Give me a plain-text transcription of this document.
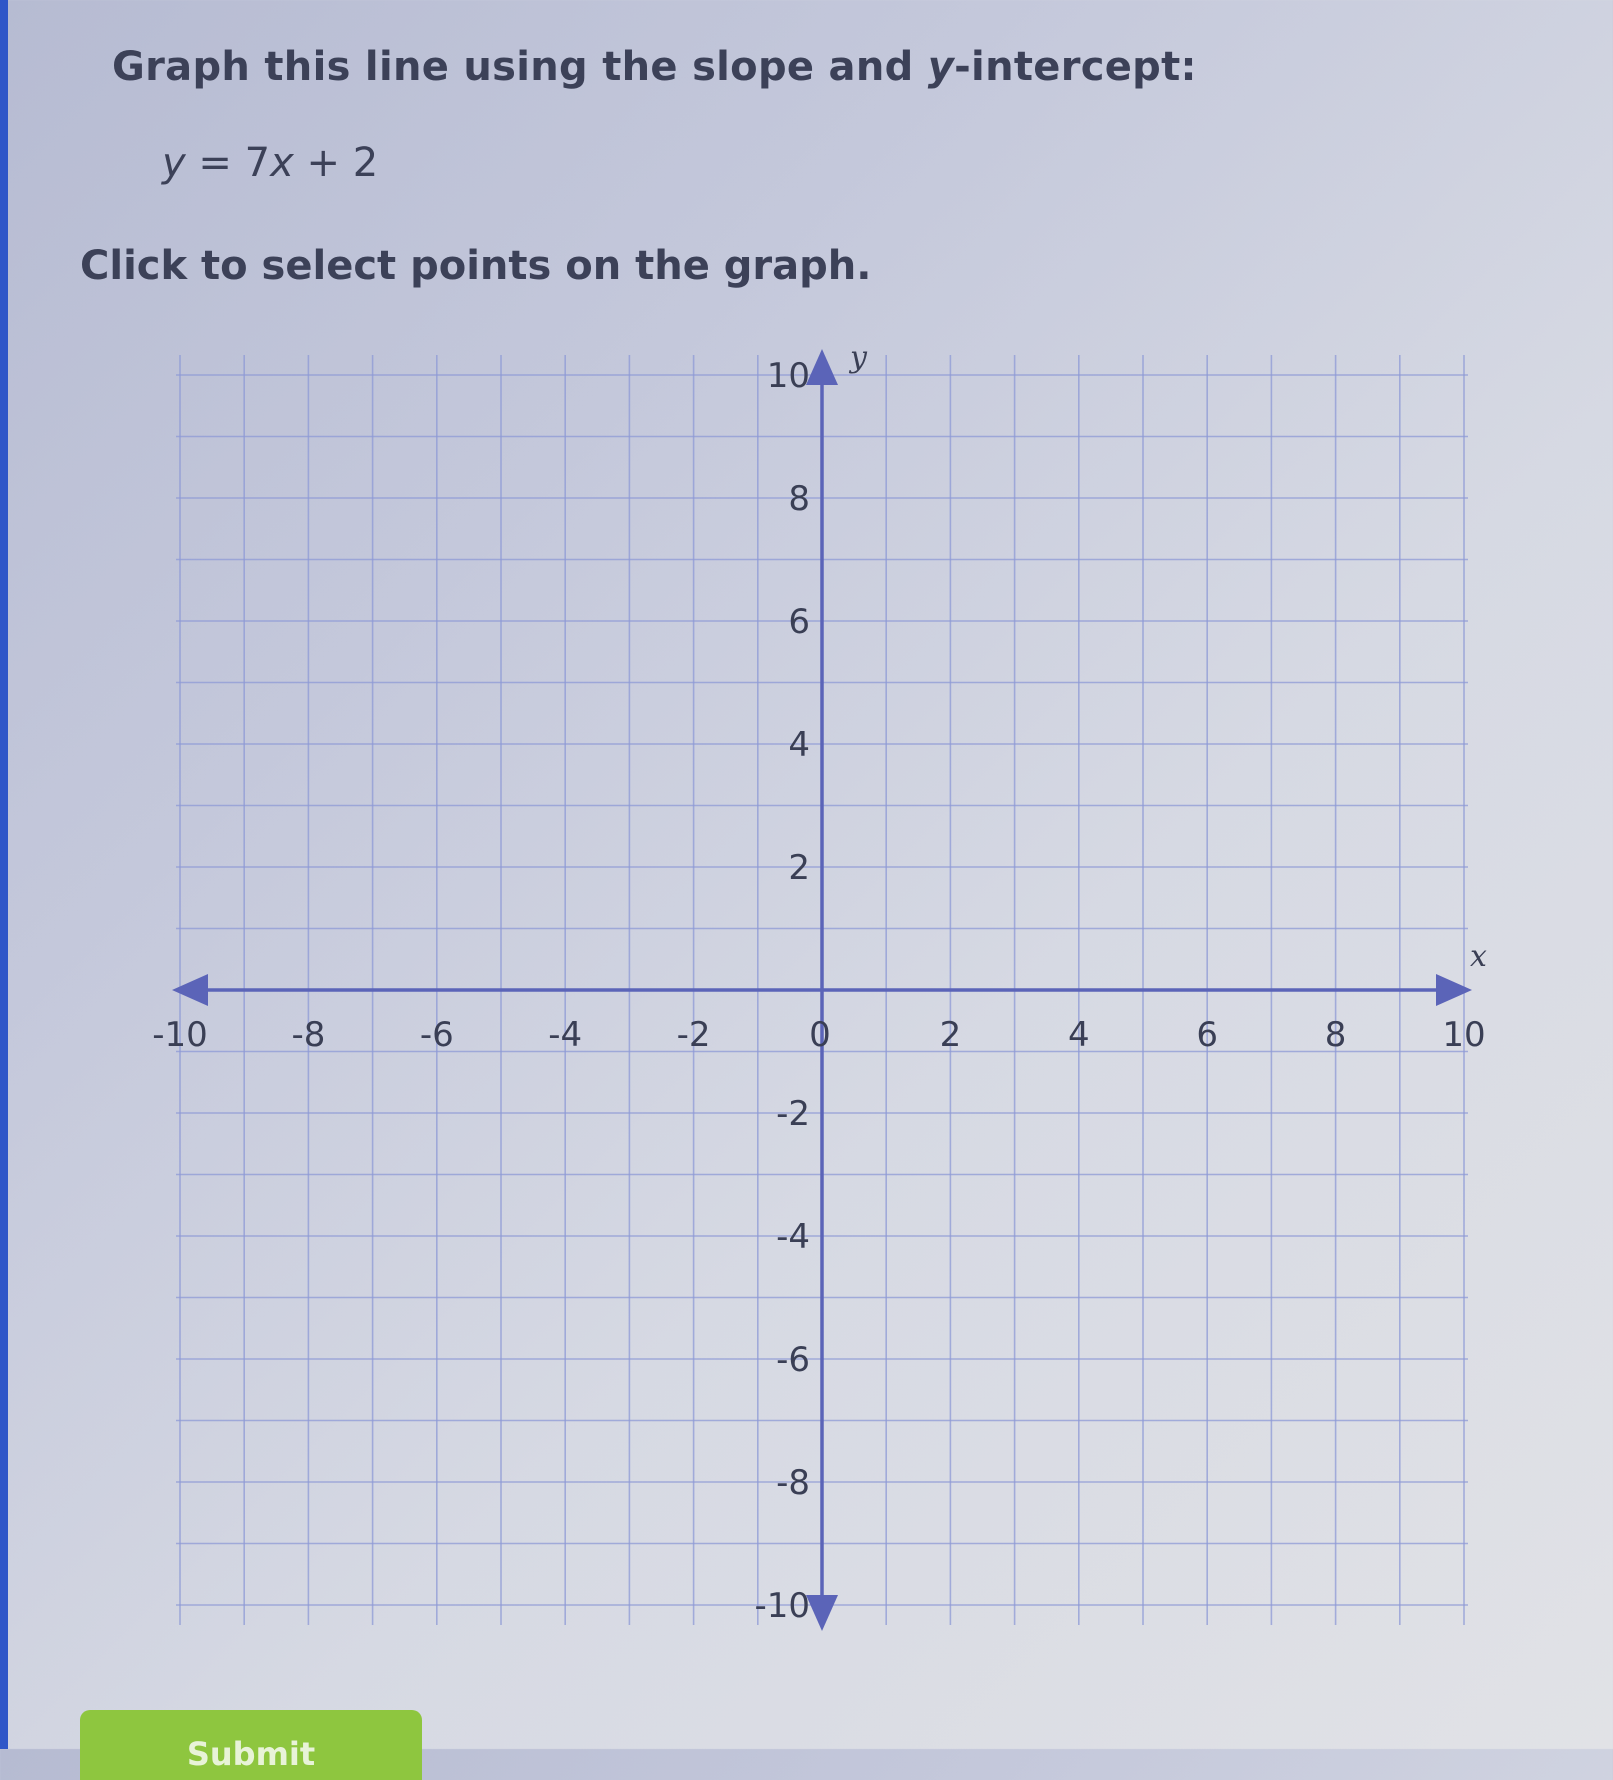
Graph this line using the slope and y-intercept:
y = 7x + 2
Click to select points on the graph.
-10 -8	-6	-4	-2	0	2	4	6	8	10
10
8
6
4
2
-2
-4
-6
-8
-10
x
y
Submit
